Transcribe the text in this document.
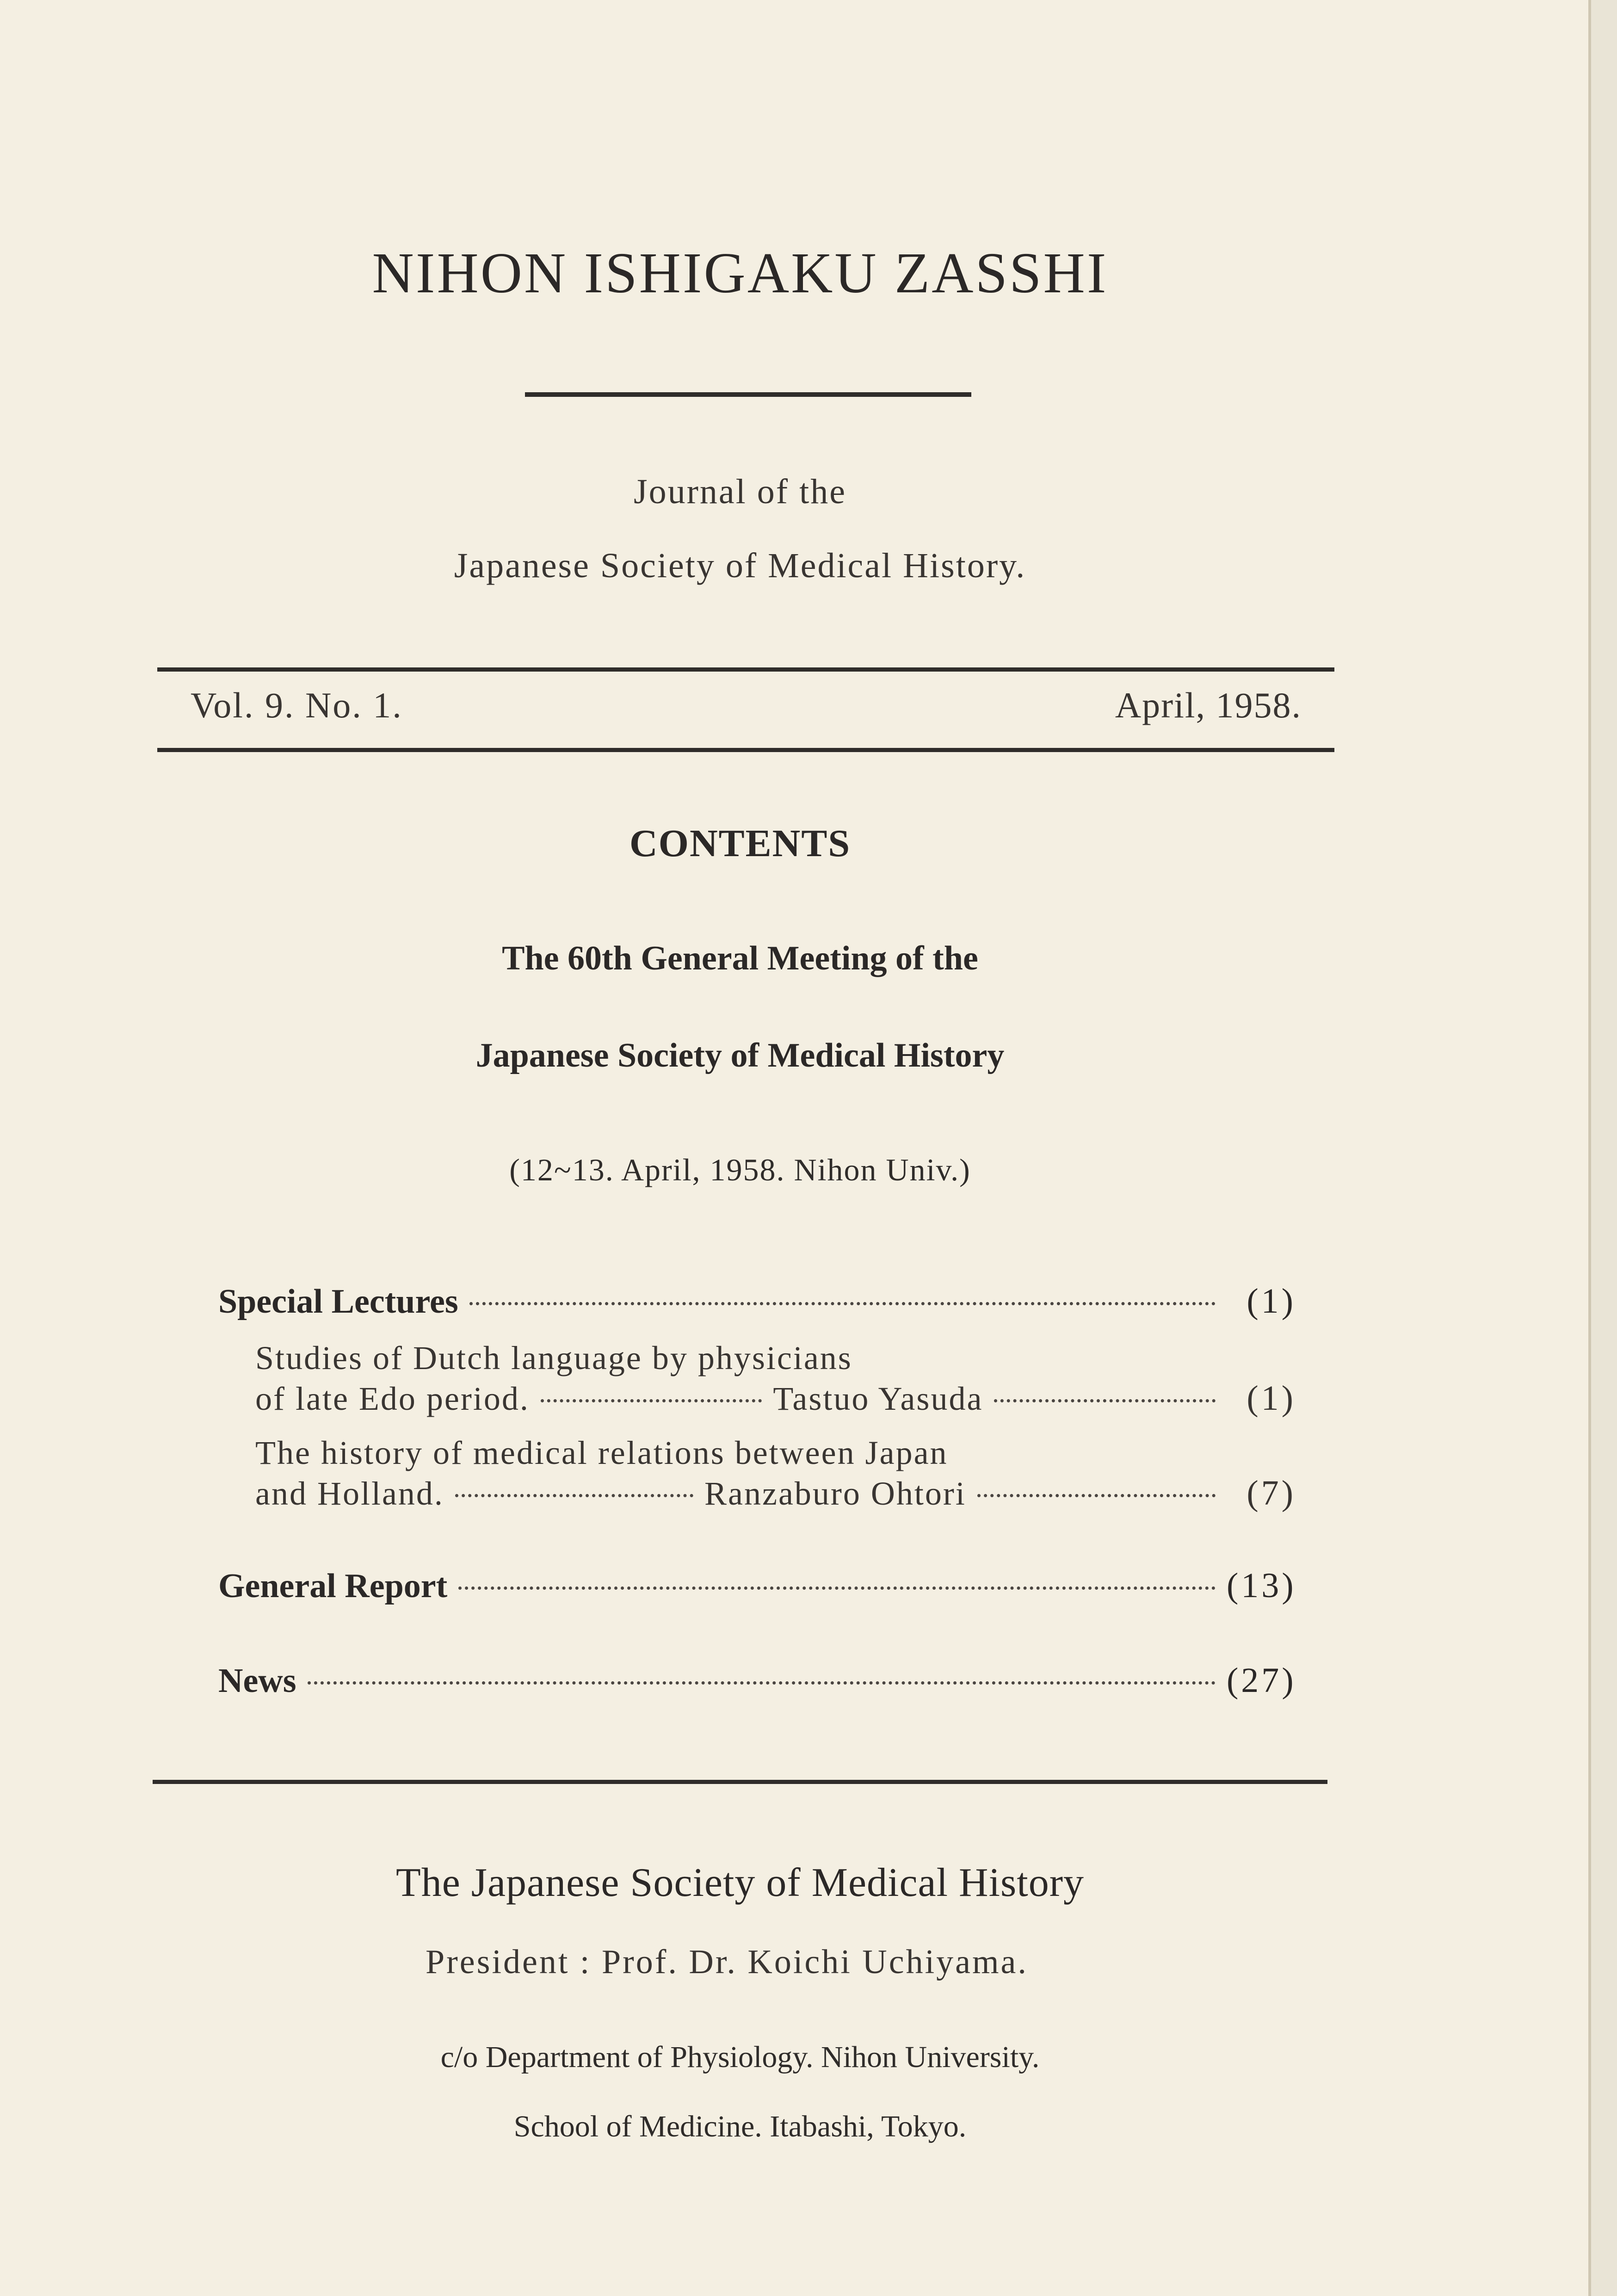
NIHON ISHIGAKU ZASSHI
Journal of the
Japanese Society of Medical History.
Vol. 9. No. 1.	April, 1958.
CONTENTS
The 60th General Meeting of the
Japanese Society of Medical History
(12~13. April, 1958. Nihon Univ.)
Special Lectures	(1)
Studies of Dutch language by physicians
of late Edo period.	Tastuo Yasuda	(1)
The history of medical relations between Japan
and Holland.	Ranzaburo Ohtori	(7)
General Report	(13)
News	(27)
The Japanese Society of Medical History
President : Prof. Dr. Koichi Uchiyama.
c/o Department of Physiology. Nihon University.
School of Medicine. Itabashi, Tokyo.
